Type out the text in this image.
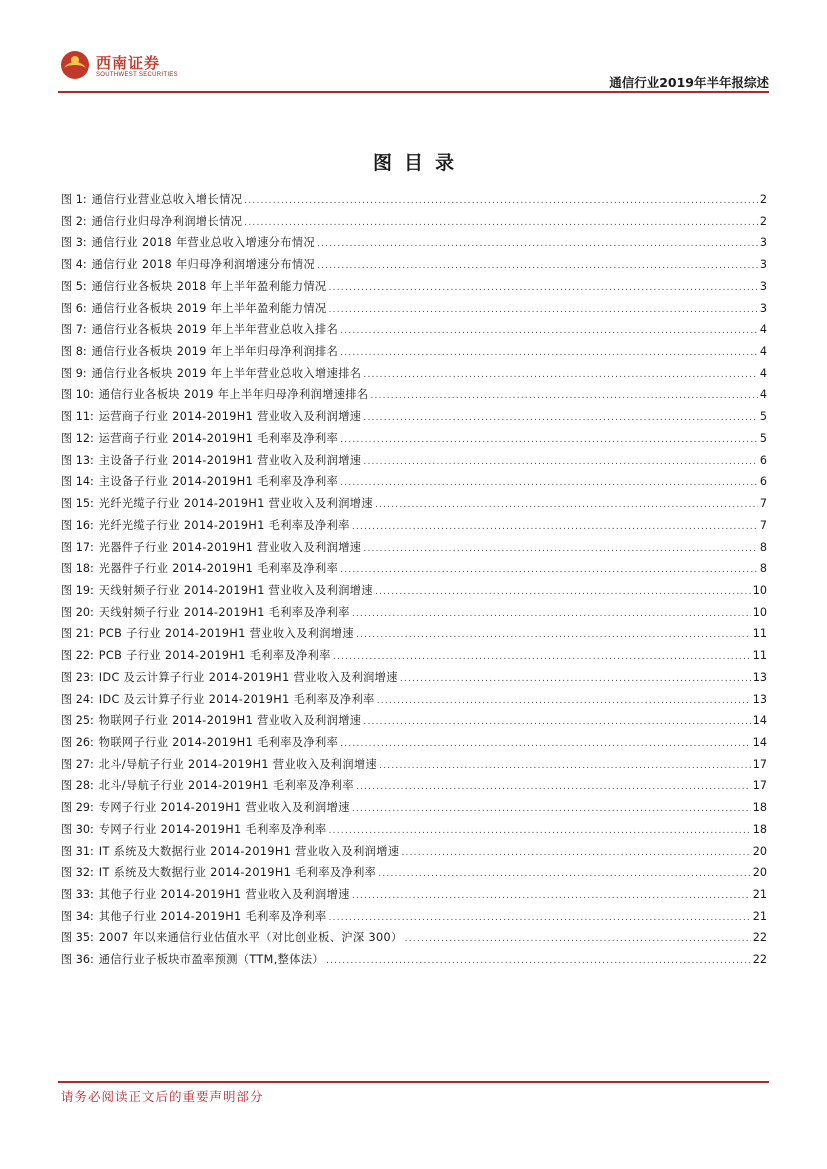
西南证券
SOUTHWEST SECURITIES	通信行业2019年半年报综述
图目录
图 1: 通信行业营业总收入增长情况 .....	2
图 2: 通信行业归母净利润增长情况 .....	2
图 3: 通信行业 2018 年营业总收入增速分布情况 .....	3
图 4: 通信行业 2018 年归母净利润增速分布情况 .....	3
图 5: 通信行业各板块 2018 年上半年盈利能力情况 .....	3
图 6: 通信行业各板块 2019 年上半年盈利能力情况 .....	3
图 7: 通信行业各板块 2019 年上半年营业总收入排名 .....	4
图 8: 通信行业各板块 2019 年上半年归母净利润排名 .....	4
图 9: 通信行业各板块 2019 年上半年营业总收入增速排名 .....	4
图 10: 通信行业各板块 2019 年上半年归母净利润增速排名 .....	4
图 11: 运营商子行业 2014-2019H1 营业收入及利润增速 .....	5
图 12: 运营商子行业 2014-2019H1 毛利率及净利率 .....	5
图 13: 主设备子行业 2014-2019H1 营业收入及利润增速 .....	6
图 14: 主设备子行业 2014-2019H1 毛利率及净利率 .....	6
图 15: 光纤光缆子行业 2014-2019H1 营业收入及利润增速 .....	7
图 16: 光纤光缆子行业 2014-2019H1 毛利率及净利率 .....	7
图 17: 光器件子行业 2014-2019H1 营业收入及利润增速 .....	8
图 18: 光器件子行业 2014-2019H1 毛利率及净利率 .....	8
图 19: 天线射频子行业 2014-2019H1 营业收入及利润增速 .....	10
图 20: 天线射频子行业 2014-2019H1 毛利率及净利率 .....	10
图 21: PCB 子行业 2014-2019H1 营业收入及利润增速 .....	11
图 22: PCB 子行业 2014-2019H1 毛利率及净利率 .....	11
图 23: IDC 及云计算子行业 2014-2019H1 营业收入及利润增速 .....	13
图 24: IDC 及云计算子行业 2014-2019H1 毛利率及净利率 .....	13
图 25: 物联网子行业 2014-2019H1 营业收入及利润增速 .....	14
图 26: 物联网子行业 2014-2019H1 毛利率及净利率 .....	14
图 27: 北斗/导航子行业 2014-2019H1 营业收入及利润增速 .....	17
图 28: 北斗/导航子行业 2014-2019H1 毛利率及净利率 .....	17
图 29: 专网子行业 2014-2019H1 营业收入及利润增速 .....	18
图 30: 专网子行业 2014-2019H1 毛利率及净利率 .....	18
图 31: IT 系统及大数据行业 2014-2019H1 营业收入及利润增速 .....	20
图 32: IT 系统及大数据行业 2014-2019H1 毛利率及净利率 .....	20
图 33: 其他子行业 2014-2019H1 营业收入及利润增速 .....	21
图 34: 其他子行业 2014-2019H1 毛利率及净利率 .....	21
图 35: 2007 年以来通信行业估值水平（对比创业板、沪深 300） .....	22
图 36: 通信行业子板块市盈率预测（TTM,整体法） .....	22
请务必阅读正文后的重要声明部分
